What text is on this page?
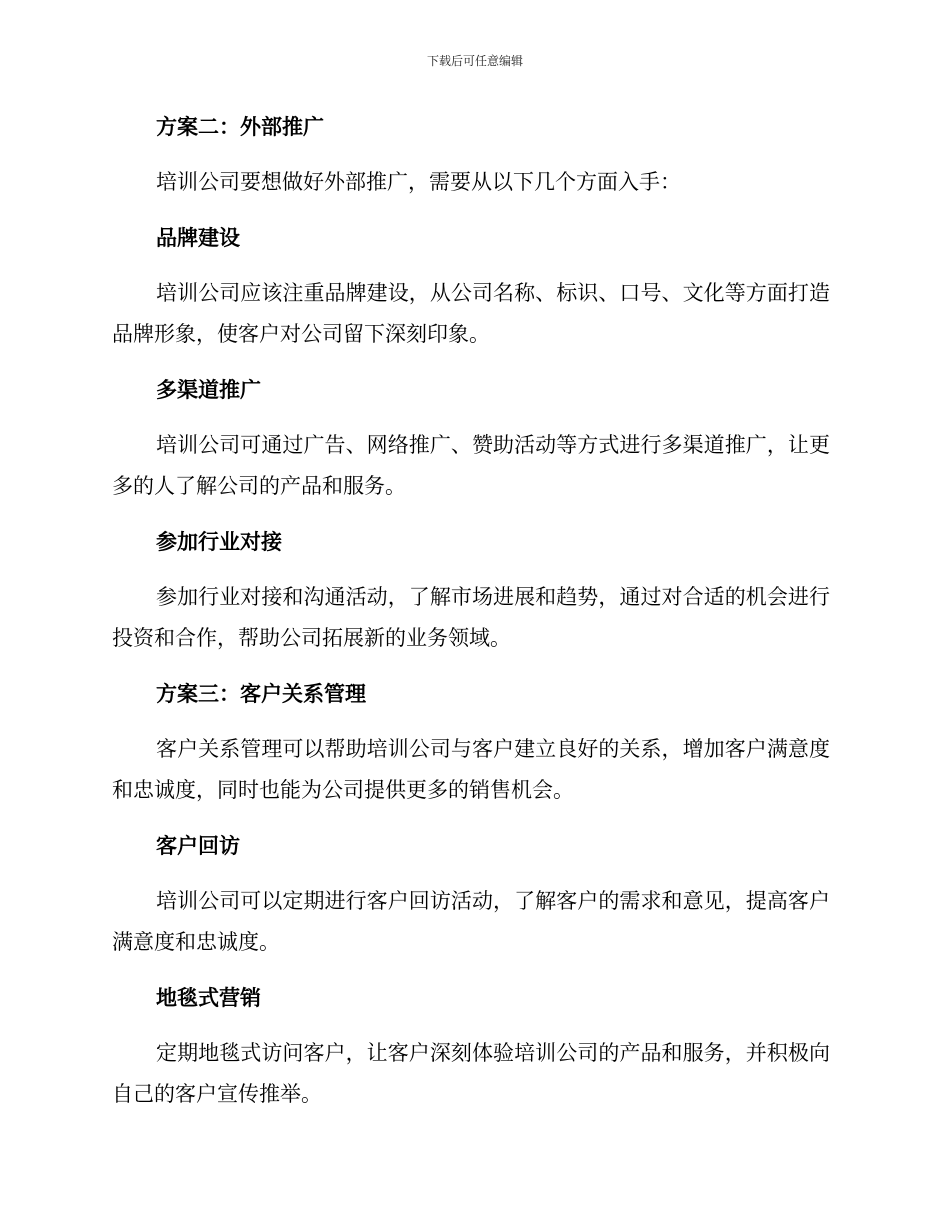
下载后可任意编辑
方案二：外部推广

培训公司要想做好外部推广，需要从以下几个方面入手：

品牌建设

培训公司应该注重品牌建设，从公司名称、标识、口号、文化等方面打造品牌形象，使客户对公司留下深刻印象。

多渠道推广

培训公司可通过广告、网络推广、赞助活动等方式进行多渠道推广，让更多的人了解公司的产品和服务。

参加行业对接

参加行业对接和沟通活动，了解市场进展和趋势，通过对合适的机会进行投资和合作，帮助公司拓展新的业务领域。

方案三：客户关系管理

客户关系管理可以帮助培训公司与客户建立良好的关系，增加客户满意度和忠诚度，同时也能为公司提供更多的销售机会。

客户回访

培训公司可以定期进行客户回访活动，了解客户的需求和意见，提高客户满意度和忠诚度。

地毯式营销

定期地毯式访问客户，让客户深刻体验培训公司的产品和服务，并积极向自己的客户宣传推举。
